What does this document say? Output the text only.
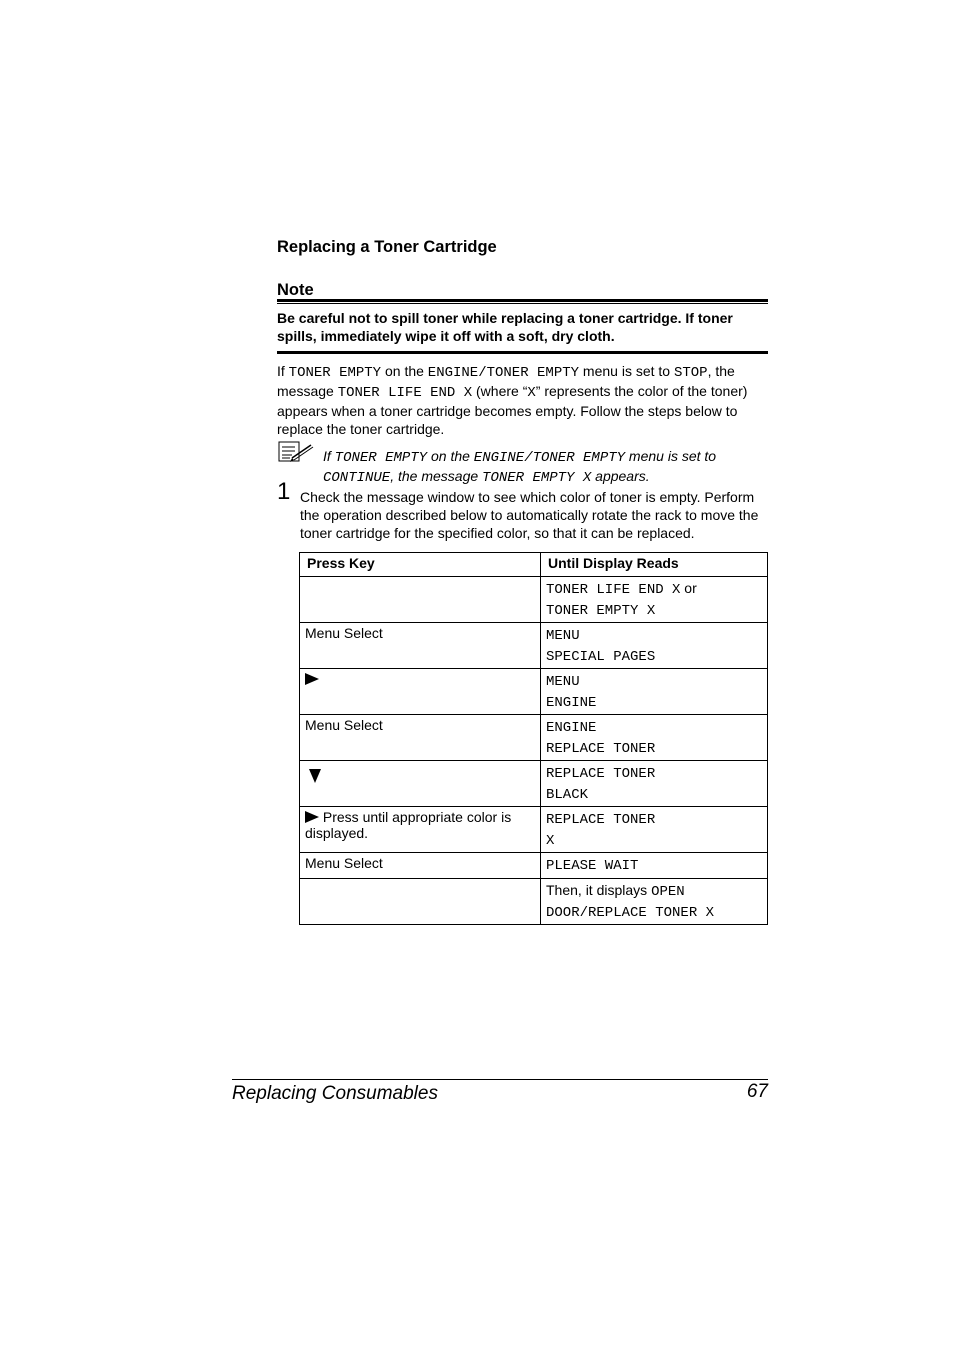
Replacing a Toner Cartridge
Note
Be careful not to spill toner while replacing a toner cartridge. If toner spills, immediately wipe it off with a soft, dry cloth.
If TONER EMPTY on the ENGINE/TONER EMPTY menu is set to STOP, the message TONER LIFE END X (where “X” represents the color of the toner) appears when a toner cartridge becomes empty. Follow the steps below to replace the toner cartridge.
If TONER EMPTY on the ENGINE/TONER EMPTY menu is set to CONTINUE, the message TONER EMPTY X appears.
1 Check the message window to see which color of toner is empty. Perform the operation described below to automatically rotate the rack to move the toner cartridge for the specified color, so that it can be replaced.
Press Key	Until Display Reads
	TONER LIFE END X or
TONER EMPTY X
Menu Select	MENU
SPECIAL PAGES
	MENU
ENGINE
Menu Select	ENGINE
REPLACE TONER
	REPLACE TONER
BLACK
Press until appropriate color is displayed.	REPLACE TONER
X
Menu Select	PLEASE WAIT
	Then, it displays OPEN
DOOR/REPLACE TONER X
Replacing Consumables	67
